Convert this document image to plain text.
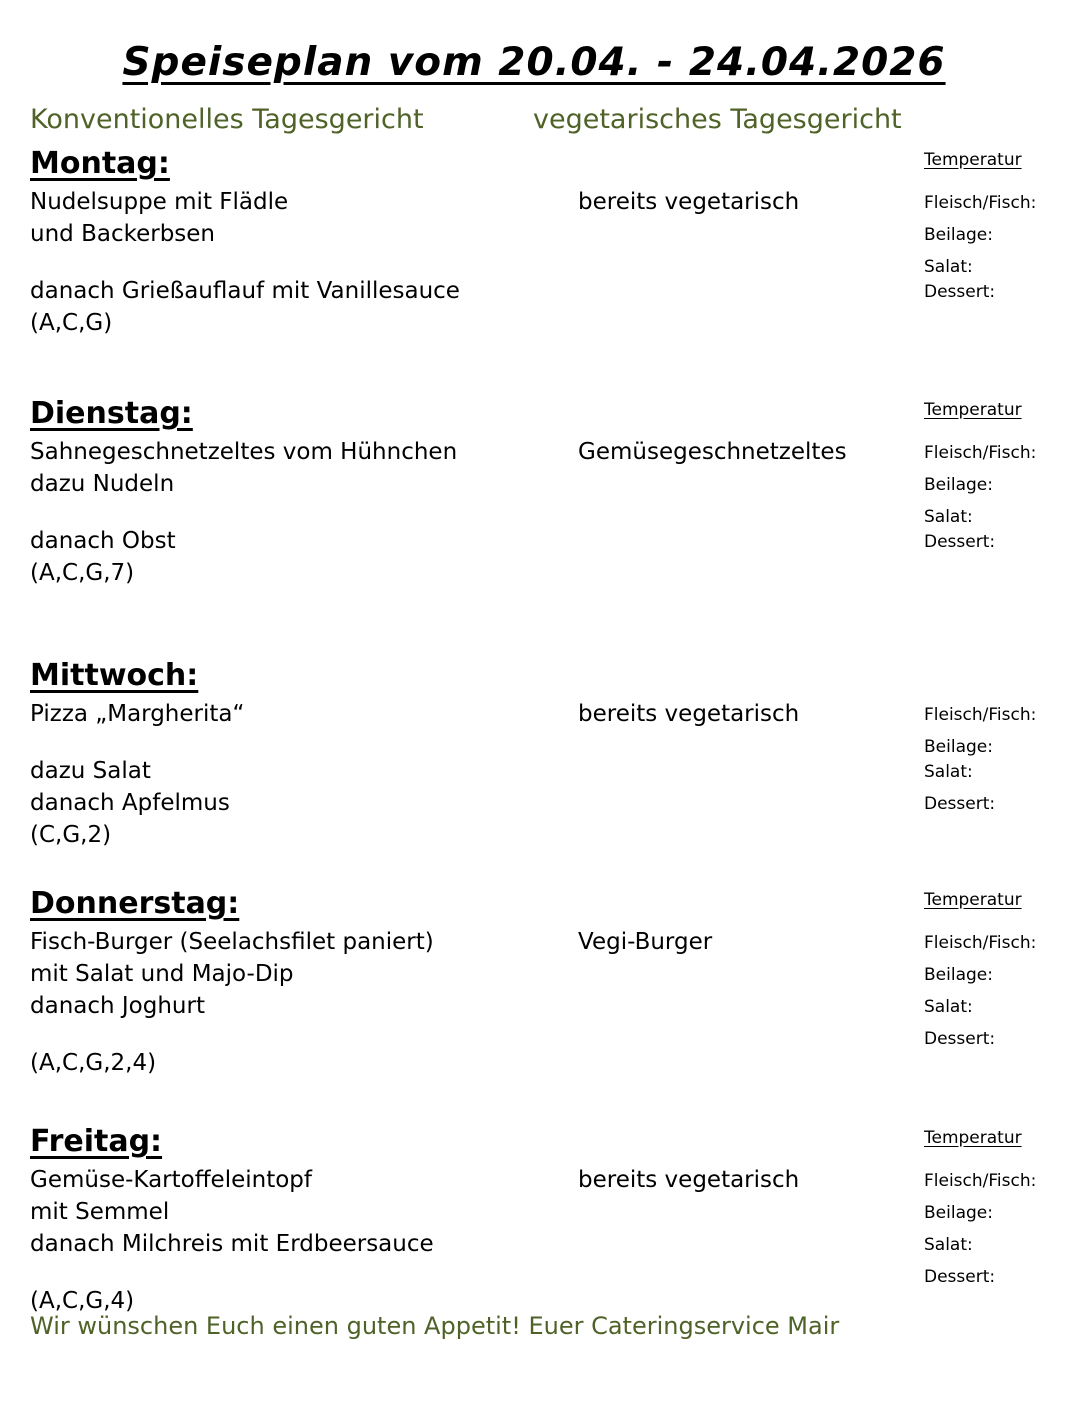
Speiseplan vom 20.04. - 24.04.2026
Konventionelles Tagesgericht	vegetarisches Tagesgericht
Montag:	Temperatur
Nudelsuppe mit Flädle	bereits vegetarisch	Fleisch/Fisch:
und Backerbsen	Beilage:
Salat:
danach Grießauflauf mit Vanillesauce	Dessert:
(A,C,G)
Dienstag:	Temperatur
Sahnegeschnetzeltes vom Hühnchen	Gemüsegeschnetzeltes	Fleisch/Fisch:
dazu Nudeln	Beilage:
Salat:
danach Obst	Dessert:
(A,C,G,7)
Mittwoch:
Pizza „Margherita“	bereits vegetarisch	Fleisch/Fisch:
Beilage:
dazu Salat	Salat:
danach Apfelmus	Dessert:
(C,G,2)
Donnerstag:	Temperatur
Fisch-Burger (Seelachsfilet paniert)	Vegi-Burger	Fleisch/Fisch:
mit Salat und Majo-Dip	Beilage:
danach Joghurt	Salat:
Dessert:
(A,C,G,2,4)
Freitag:	Temperatur
Gemüse-Kartoffeleintopf	bereits vegetarisch	Fleisch/Fisch:
mit Semmel	Beilage:
danach Milchreis mit Erdbeersauce	Salat:
Dessert:
(A,C,G,4)
Wir wünschen Euch einen guten Appetit! Euer Cateringservice Mair
